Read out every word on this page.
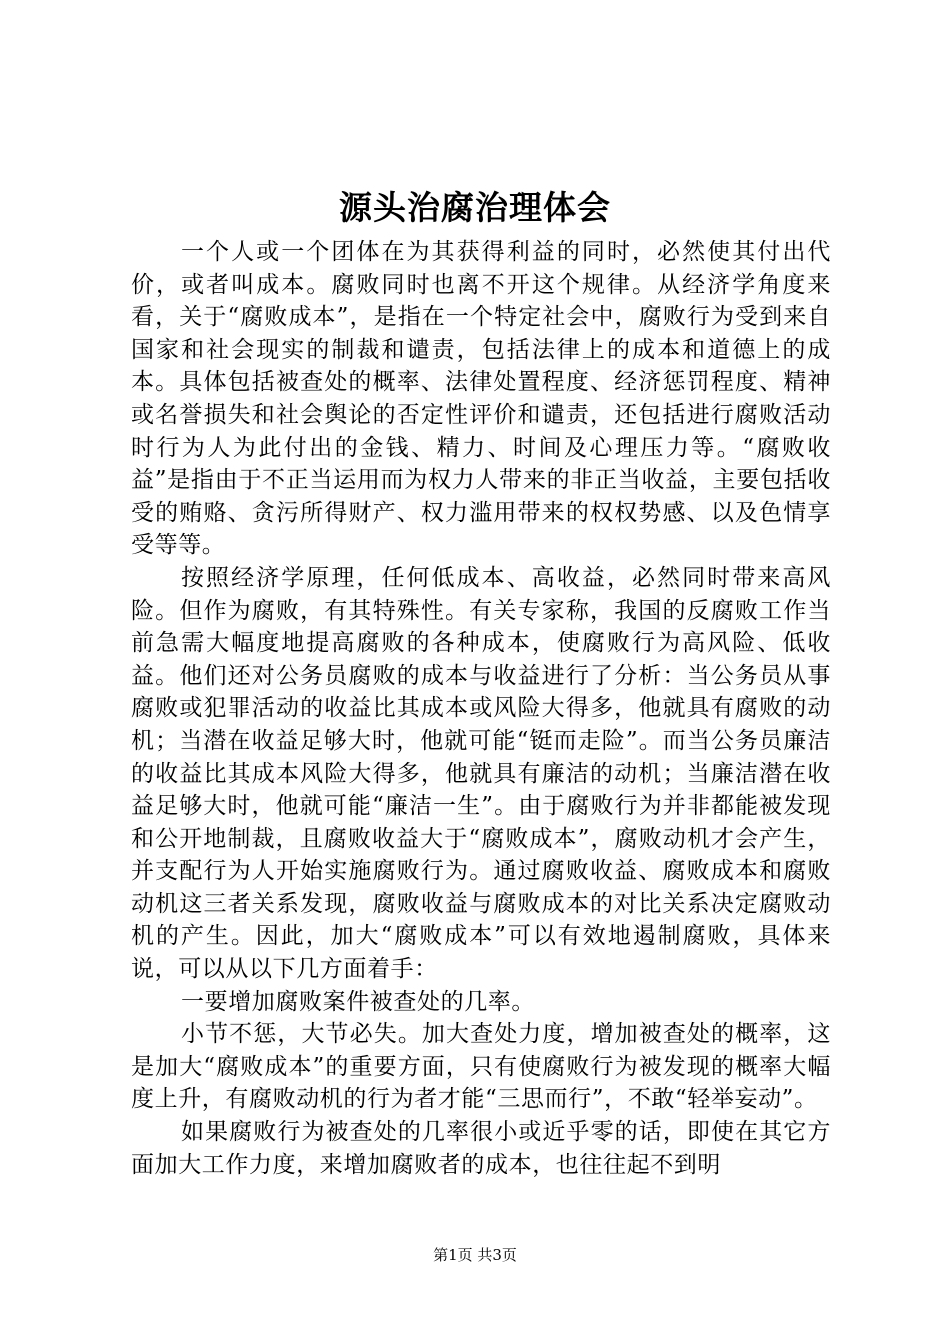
源头治腐治理体会

一个人或一个团体在为其获得利益的同时，必然使其付出代价，或者叫成本。腐败同时也离不开这个规律。从经济学角度来看，关于“腐败成本”，是指在一个特定社会中，腐败行为受到来自国家和社会现实的制裁和谴责，包括法律上的成本和道德上的成本。具体包括被查处的概率、法律处置程度、经济惩罚程度、精神或名誉损失和社会舆论的否定性评价和谴责，还包括进行腐败活动时行为人为此付出的金钱、精力、时间及心理压力等。“腐败收益”是指由于不正当运用而为权力人带来的非正当收益，主要包括收受的贿赂、贪污所得财产、权力滥用带来的权权势感、以及色情享受等等。

按照经济学原理，任何低成本、高收益，必然同时带来高风险。但作为腐败，有其特殊性。有关专家称，我国的反腐败工作当前急需大幅度地提高腐败的各种成本，使腐败行为高风险、低收益。他们还对公务员腐败的成本与收益进行了分析：当公务员从事腐败或犯罪活动的收益比其成本或风险大得多，他就具有腐败的动机；当潜在收益足够大时，他就可能“铤而走险”。而当公务员廉洁的收益比其成本风险大得多，他就具有廉洁的动机；当廉洁潜在收益足够大时，他就可能“廉洁一生”。由于腐败行为并非都能被发现和公开地制裁，且腐败收益大于“腐败成本”，腐败动机才会产生，并支配行为人开始实施腐败行为。通过腐败收益、腐败成本和腐败动机这三者关系发现，腐败收益与腐败成本的对比关系决定腐败动机的产生。因此，加大“腐败成本”可以有效地遏制腐败，具体来说，可以从以下几方面着手：

一要增加腐败案件被查处的几率。

小节不惩，大节必失。加大查处力度，增加被查处的概率，这是加大“腐败成本”的重要方面，只有使腐败行为被发现的概率大幅度上升，有腐败动机的行为者才能“三思而行”，不敢“轻举妄动”。

如果腐败行为被查处的几率很小或近乎零的话，即使在其它方面加大工作力度，来增加腐败者的成本，也往往起不到明

第1页 共3页
